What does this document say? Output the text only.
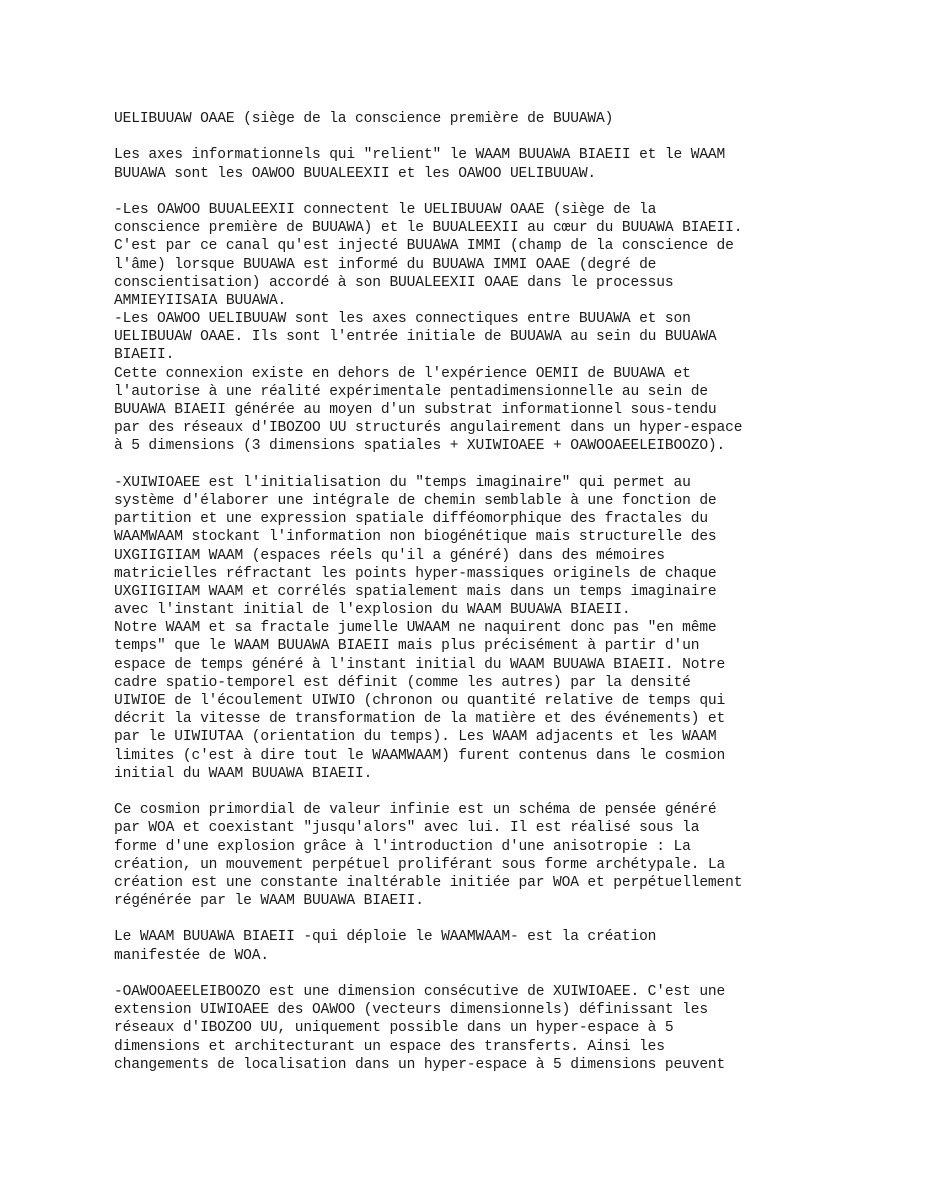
UELIBUUAW OAAE (siège de la conscience première de BUUAWA)
Les axes informationnels qui "relient" le WAAM BUUAWA BIAEII et le WAAM
BUUAWA sont les OAWOO BUUALEEXII et les OAWOO UELIBUUAW.
-Les OAWOO BUUALEEXII connectent le UELIBUUAW OAAE (siège de la
conscience première de BUUAWA) et le BUUALEEXII au cœur du BUUAWA BIAEII.
C'est par ce canal qu'est injecté BUUAWA IMMI (champ de la conscience de
l'âme) lorsque BUUAWA est informé du BUUAWA IMMI OAAE (degré de
conscientisation) accordé à son BUUALEEXII OAAE dans le processus
AMMIEYIISAIA BUUAWA.
-Les OAWOO UELIBUUAW sont les axes connectiques entre BUUAWA et son
UELIBUUAW OAAE. Ils sont l'entrée initiale de BUUAWA au sein du BUUAWA
BIAEII.
Cette connexion existe en dehors de l'expérience OEMII de BUUAWA et
l'autorise à une réalité expérimentale pentadimensionnelle au sein de
BUUAWA BIAEII générée au moyen d'un substrat informationnel sous-tendu
par des réseaux d'IBOZOO UU structurés angulairement dans un hyper-espace
à 5 dimensions (3 dimensions spatiales + XUIWIOAEE + OAWOOAEELEIBOOZO).
-XUIWIOAEE est l'initialisation du "temps imaginaire" qui permet au
système d'élaborer une intégrale de chemin semblable à une fonction de
partition et une expression spatiale difféomorphique des fractales du
WAAMWAAM stockant l'information non biogénétique mais structurelle des
UXGIIGIIAM WAAM (espaces réels qu'il a généré) dans des mémoires
matricielles réfractant les points hyper-massiques originels de chaque
UXGIIGIIAM WAAM et corrélés spatialement mais dans un temps imaginaire
avec l'instant initial de l'explosion du WAAM BUUAWA BIAEII.
Notre WAAM et sa fractale jumelle UWAAM ne naquirent donc pas "en même
temps" que le WAAM BUUAWA BIAEII mais plus précisément à partir d'un
espace de temps généré à l'instant initial du WAAM BUUAWA BIAEII. Notre
cadre spatio-temporel est définit (comme les autres) par la densité
UIWIOE de l'écoulement UIWIO (chronon ou quantité relative de temps qui
décrit la vitesse de transformation de la matière et des événements) et
par le UIWIUTAA (orientation du temps). Les WAAM adjacents et les WAAM
limites (c'est à dire tout le WAAMWAAM) furent contenus dans le cosmion
initial du WAAM BUUAWA BIAEII.
Ce cosmion primordial de valeur infinie est un schéma de pensée généré
par WOA et coexistant "jusqu'alors" avec lui. Il est réalisé sous la
forme d'une explosion grâce à l'introduction d'une anisotropie : La
création, un mouvement perpétuel proliférant sous forme archétypale. La
création est une constante inaltérable initiée par WOA et perpétuellement
régénérée par le WAAM BUUAWA BIAEII.
Le WAAM BUUAWA BIAEII -qui déploie le WAAMWAAM- est la création
manifestée de WOA.
-OAWOOAEELEIBOOZO est une dimension consécutive de XUIWIOAEE. C'est une
extension UIWIOAEE des OAWOO (vecteurs dimensionnels) définissant les
réseaux d'IBOZOO UU, uniquement possible dans un hyper-espace à 5
dimensions et architecturant un espace des transferts. Ainsi les
changements de localisation dans un hyper-espace à 5 dimensions peuvent
